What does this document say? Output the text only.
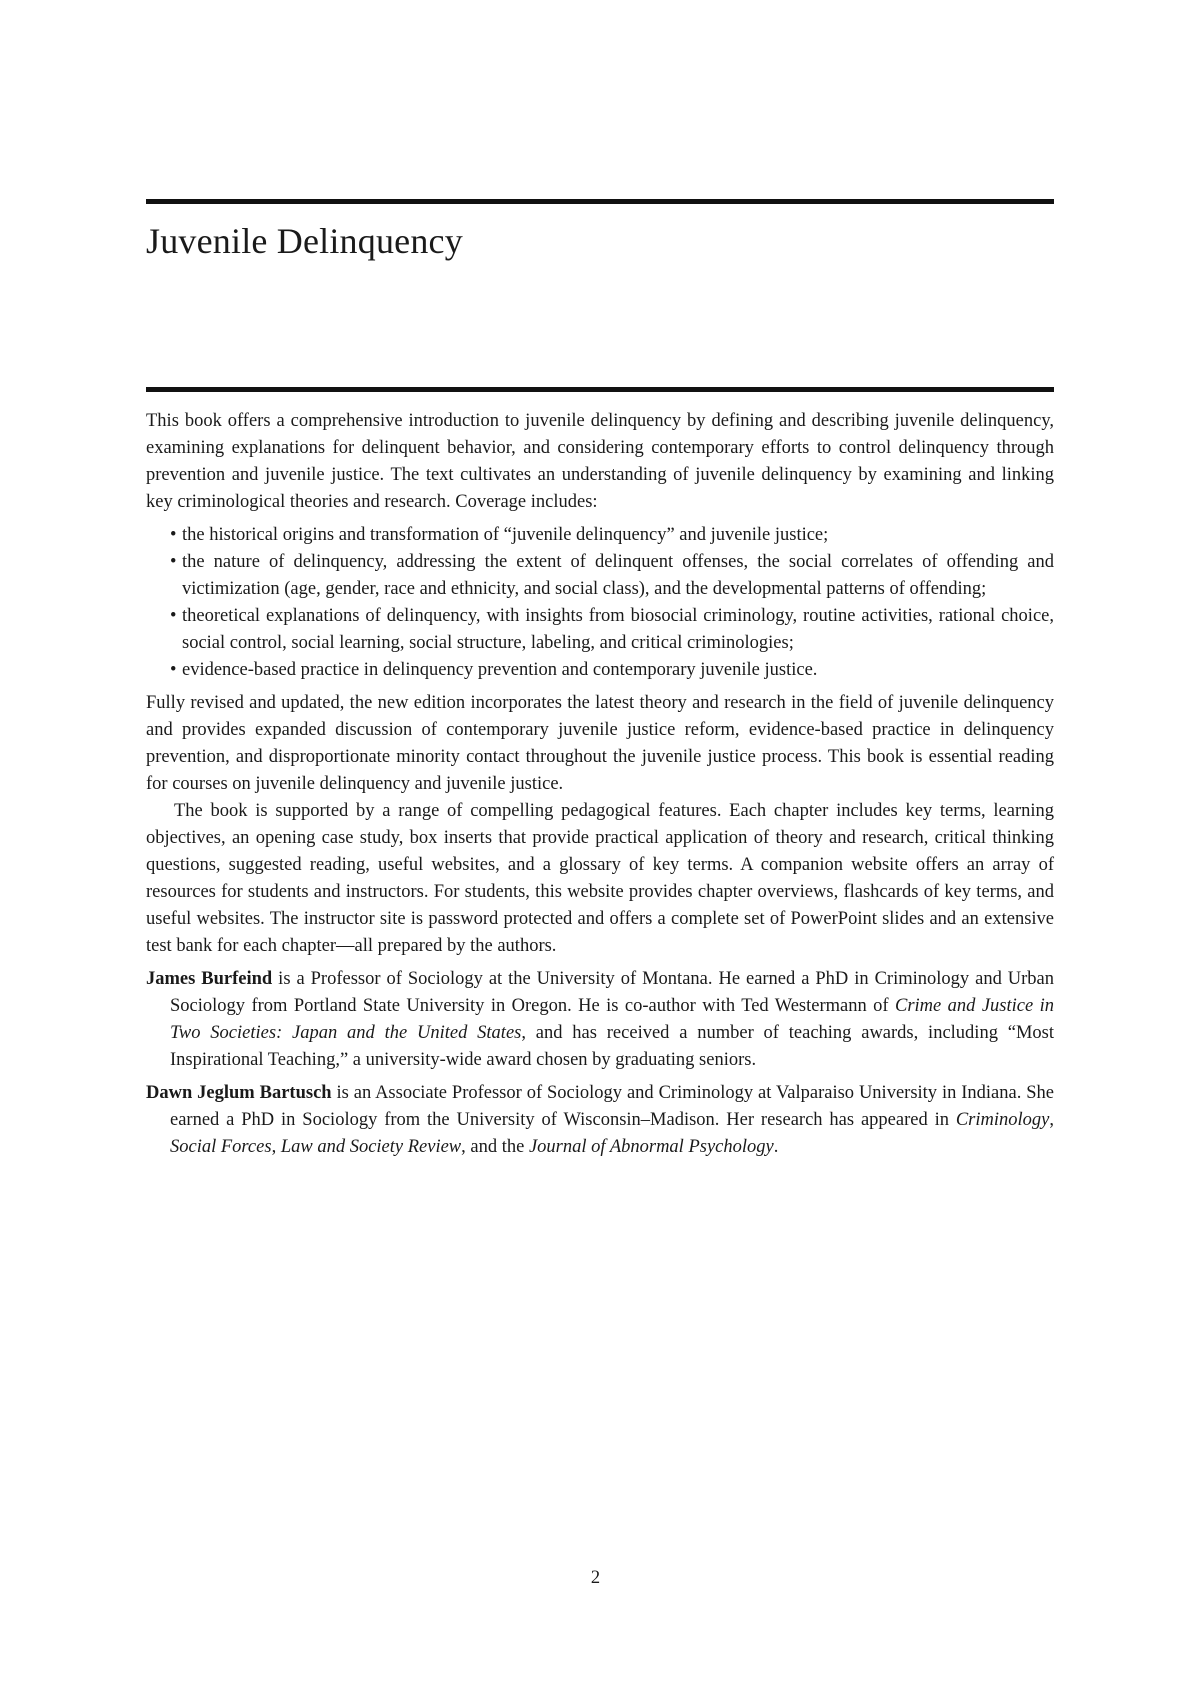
Juvenile Delinquency

This book offers a comprehensive introduction to juvenile delinquency by defining and describing juvenile delinquency, examining explanations for delinquent behavior, and considering contemporary efforts to control delinquency through prevention and juvenile justice. The text cultivates an understanding of juvenile delinquency by examining and linking key criminological theories and research. Coverage includes:

• the historical origins and transformation of “juvenile delinquency” and juvenile justice;
• the nature of delinquency, addressing the extent of delinquent offenses, the social correlates of offending and victimization (age, gender, race and ethnicity, and social class), and the developmental patterns of offending;
• theoretical explanations of delinquency, with insights from biosocial criminology, routine activities, rational choice, social control, social learning, social structure, labeling, and critical criminologies;
• evidence-based practice in delinquency prevention and contemporary juvenile justice.

Fully revised and updated, the new edition incorporates the latest theory and research in the field of juvenile delinquency and provides expanded discussion of contemporary juvenile justice reform, evidence-based practice in delinquency prevention, and disproportionate minority contact throughout the juvenile justice process. This book is essential reading for courses on juvenile delinquency and juvenile justice.

The book is supported by a range of compelling pedagogical features. Each chapter includes key terms, learning objectives, an opening case study, box inserts that provide practical application of theory and research, critical thinking questions, suggested reading, useful websites, and a glossary of key terms. A companion website offers an array of resources for students and instructors. For students, this website provides chapter overviews, flashcards of key terms, and useful websites. The instructor site is password protected and offers a complete set of PowerPoint slides and an extensive test bank for each chapter—all prepared by the authors.

James Burfeind is a Professor of Sociology at the University of Montana. He earned a PhD in Criminology and Urban Sociology from Portland State University in Oregon. He is co-author with Ted Westermann of Crime and Justice in Two Societies: Japan and the United States, and has received a number of teaching awards, including “Most Inspirational Teaching,” a university-wide award chosen by graduating seniors.

Dawn Jeglum Bartusch is an Associate Professor of Sociology and Criminology at Valparaiso University in Indiana. She earned a PhD in Sociology from the University of Wisconsin–Madison. Her research has appeared in Criminology, Social Forces, Law and Society Review, and the Journal of Abnormal Psychology.

2
